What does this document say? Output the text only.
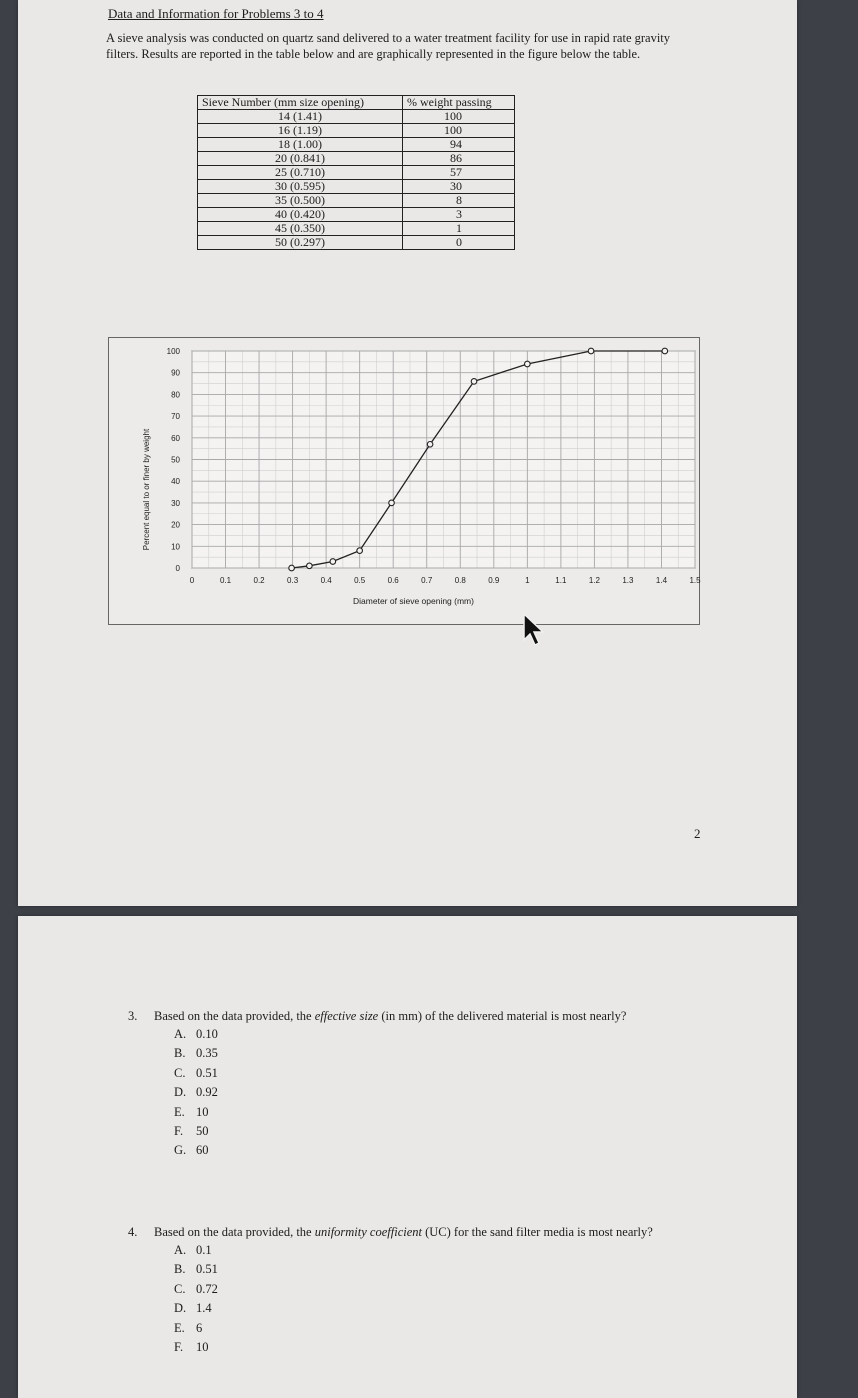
Data and Information for Problems 3 to 4
A sieve analysis was conducted on quartz sand delivered to a water treatment facility for use in rapid rate gravity filters. Results are reported in the table below and are graphically represented in the figure below the table.
Sieve Number (mm size opening)	% weight passing
14 (1.41)	100
16 (1.19)	100
18 (1.00)	94
20 (0.841)	86
25 (0.710)	57
30 (0.595)	30
35 (0.500)	8
40 (0.420)	3
45 (0.350)	1
50 (0.297)	0
0	0.1	0.2	0.3	0.4	0.5	0.6	0.7	0.8	0.9	1	1.1	1.2	1.3	1.4	1.5
0
10
20
30
40
50
60
70
80
90
100
Diameter of sieve opening (mm)
Percent equal to or finer by weight
2
3.	Based on the data provided, the effective size (in mm) of the delivered material is most nearly?
A. 0.10
B. 0.35
C. 0.51
D. 0.92
E. 10
F. 50
G. 60
4.	Based on the data provided, the uniformity coefficient (UC) for the sand filter media is most nearly?
A. 0.1
B. 0.51
C. 0.72
D. 1.4
E. 6
F. 10
